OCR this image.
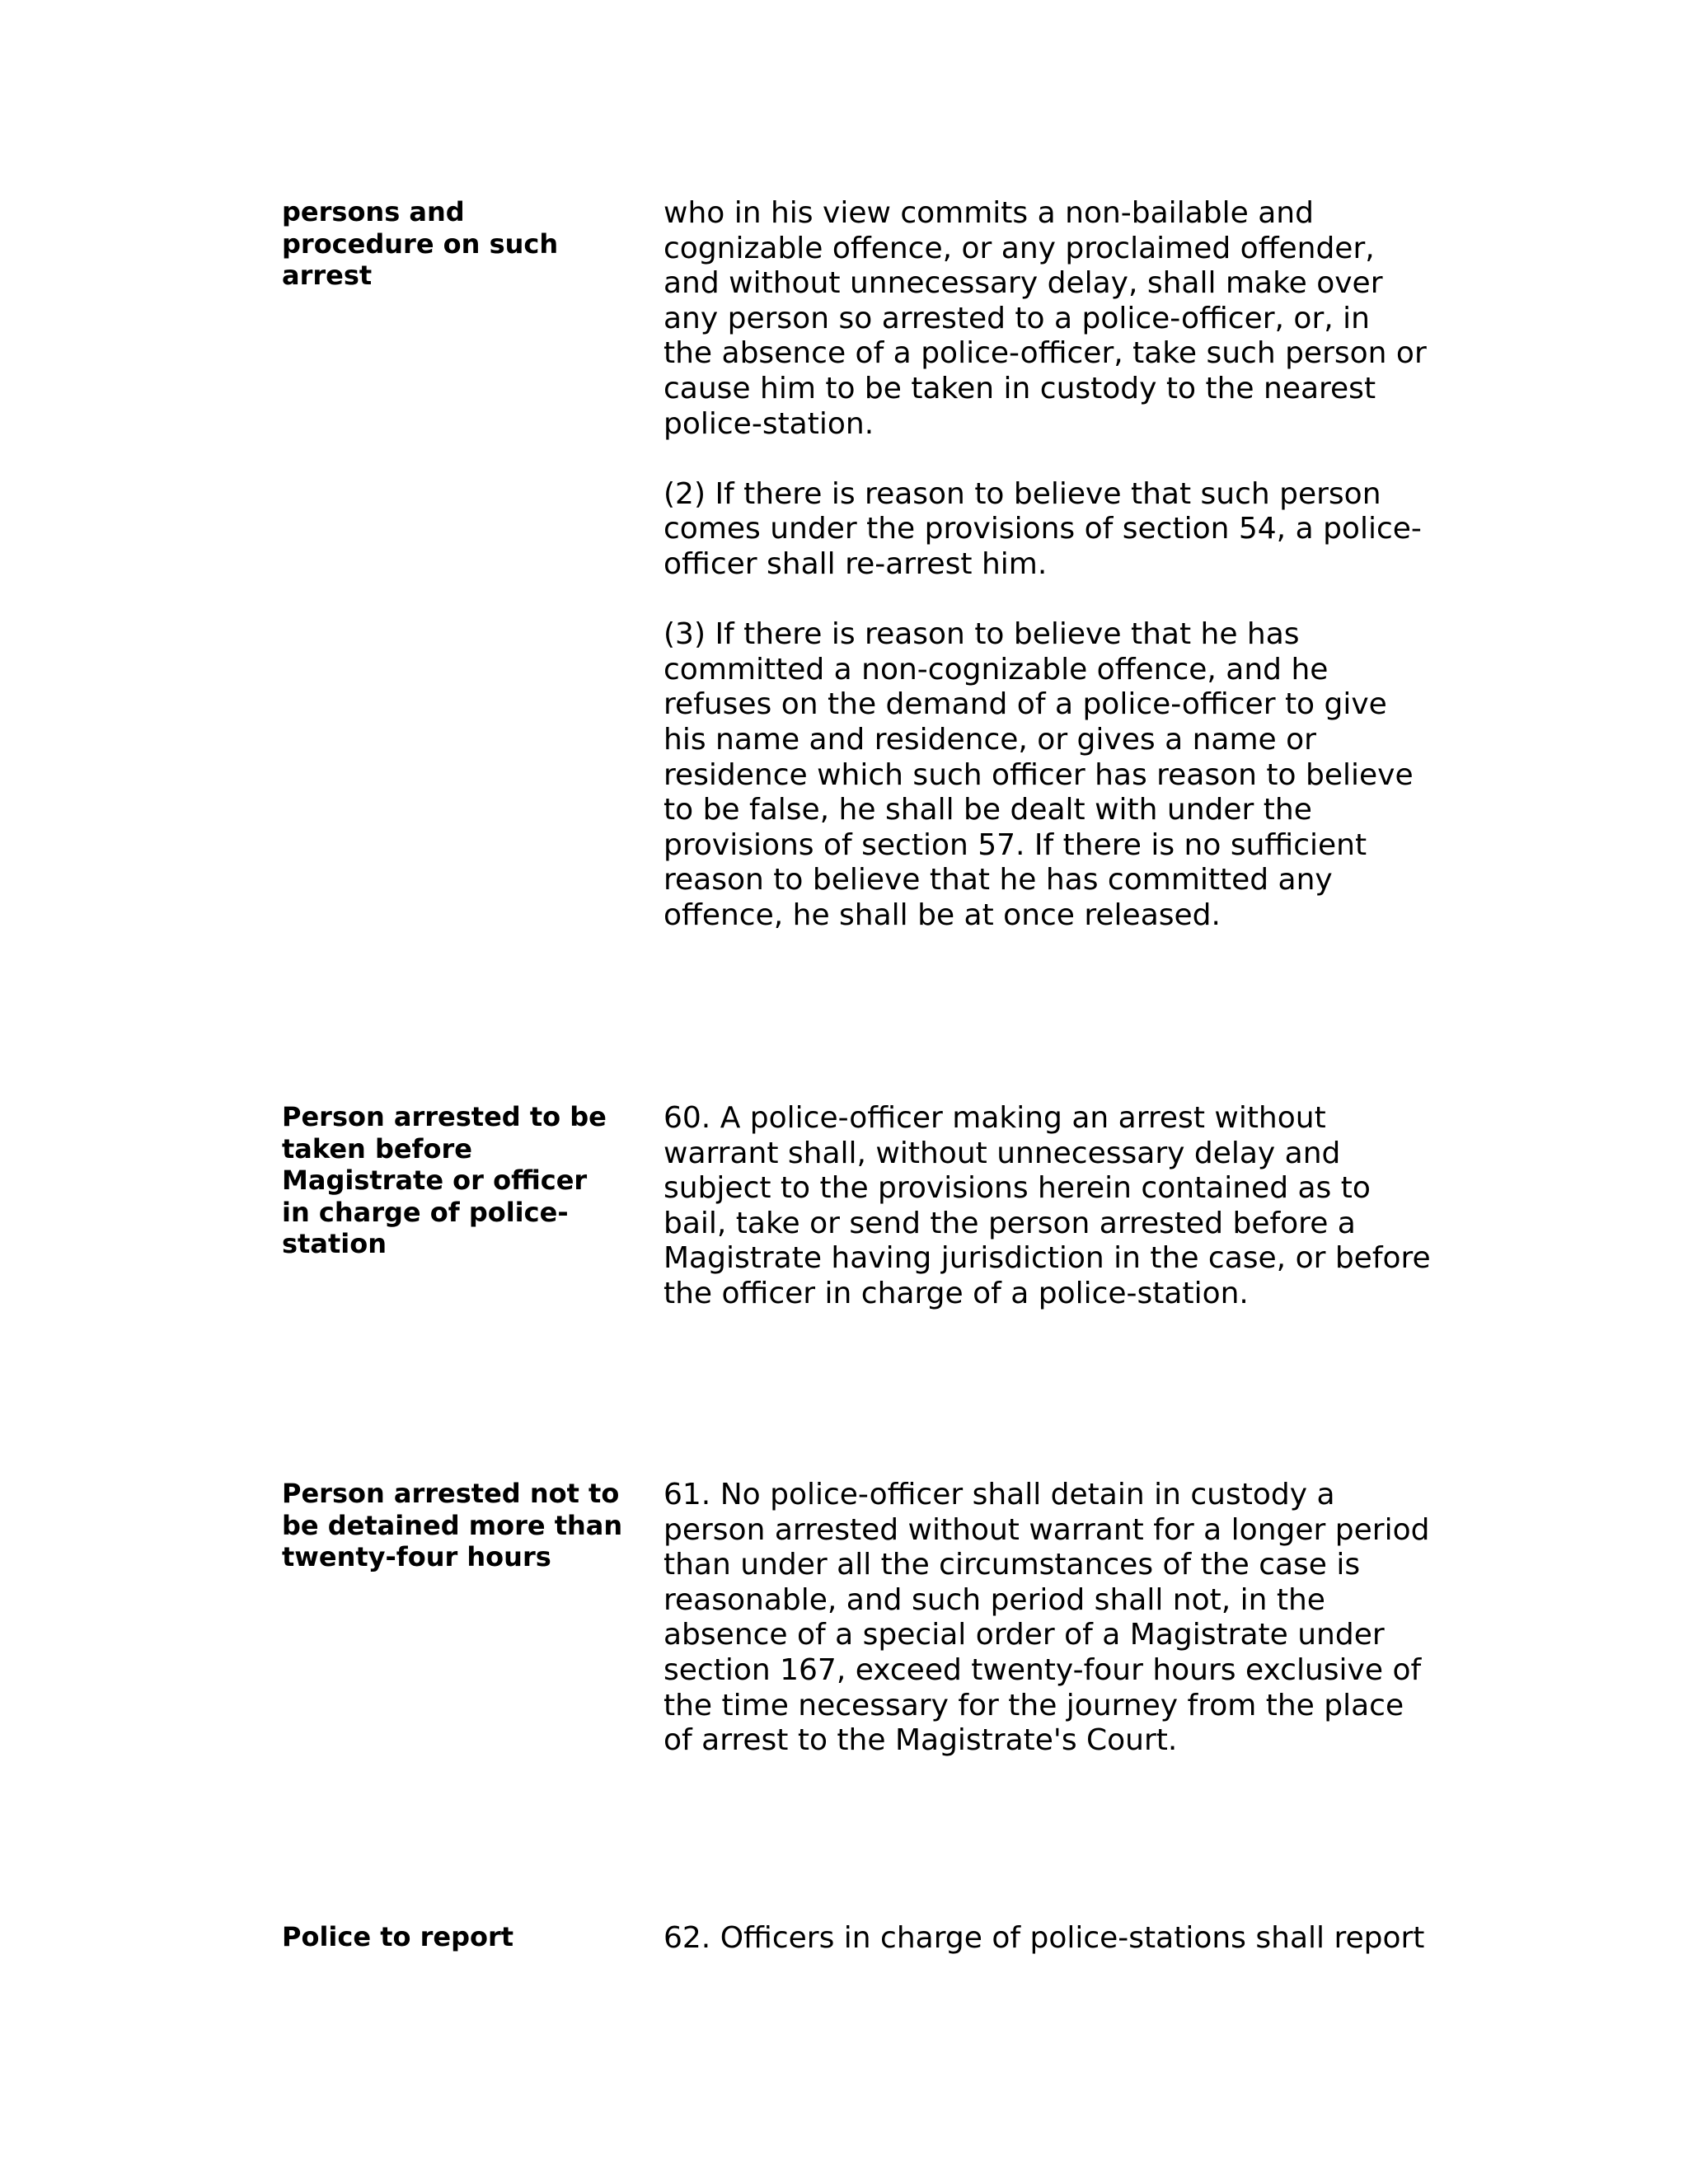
persons and
procedure on such
arrest

who in his view commits a non-bailable and
cognizable offence, or any proclaimed offender,
and without unnecessary delay, shall make over
any person so arrested to a police-officer, or, in
the absence of a police-officer, take such person or
cause him to be taken in custody to the nearest
police-station.

(2) If there is reason to believe that such person
comes under the provisions of section 54, a police-
officer shall re-arrest him.

(3) If there is reason to believe that he has
committed a non-cognizable offence, and he
refuses on the demand of a police-officer to give
his name and residence, or gives a name or
residence which such officer has reason to believe
to be false, he shall be dealt with under the
provisions of section 57. If there is no sufficient
reason to believe that he has committed any
offence, he shall be at once released.

Person arrested to be
taken before
Magistrate or officer
in charge of police-
station

60. A police-officer making an arrest without
warrant shall, without unnecessary delay and
subject to the provisions herein contained as to
bail, take or send the person arrested before a
Magistrate having jurisdiction in the case, or before
the officer in charge of a police-station.

Person arrested not to
be detained more than
twenty-four hours

61. No police-officer shall detain in custody a
person arrested without warrant for a longer period
than under all the circumstances of the case is
reasonable, and such period shall not, in the
absence of a special order of a Magistrate under
section 167, exceed twenty-four hours exclusive of
the time necessary for the journey from the place
of arrest to the Magistrate's Court.

Police to report	62. Officers in charge of police-stations shall report
